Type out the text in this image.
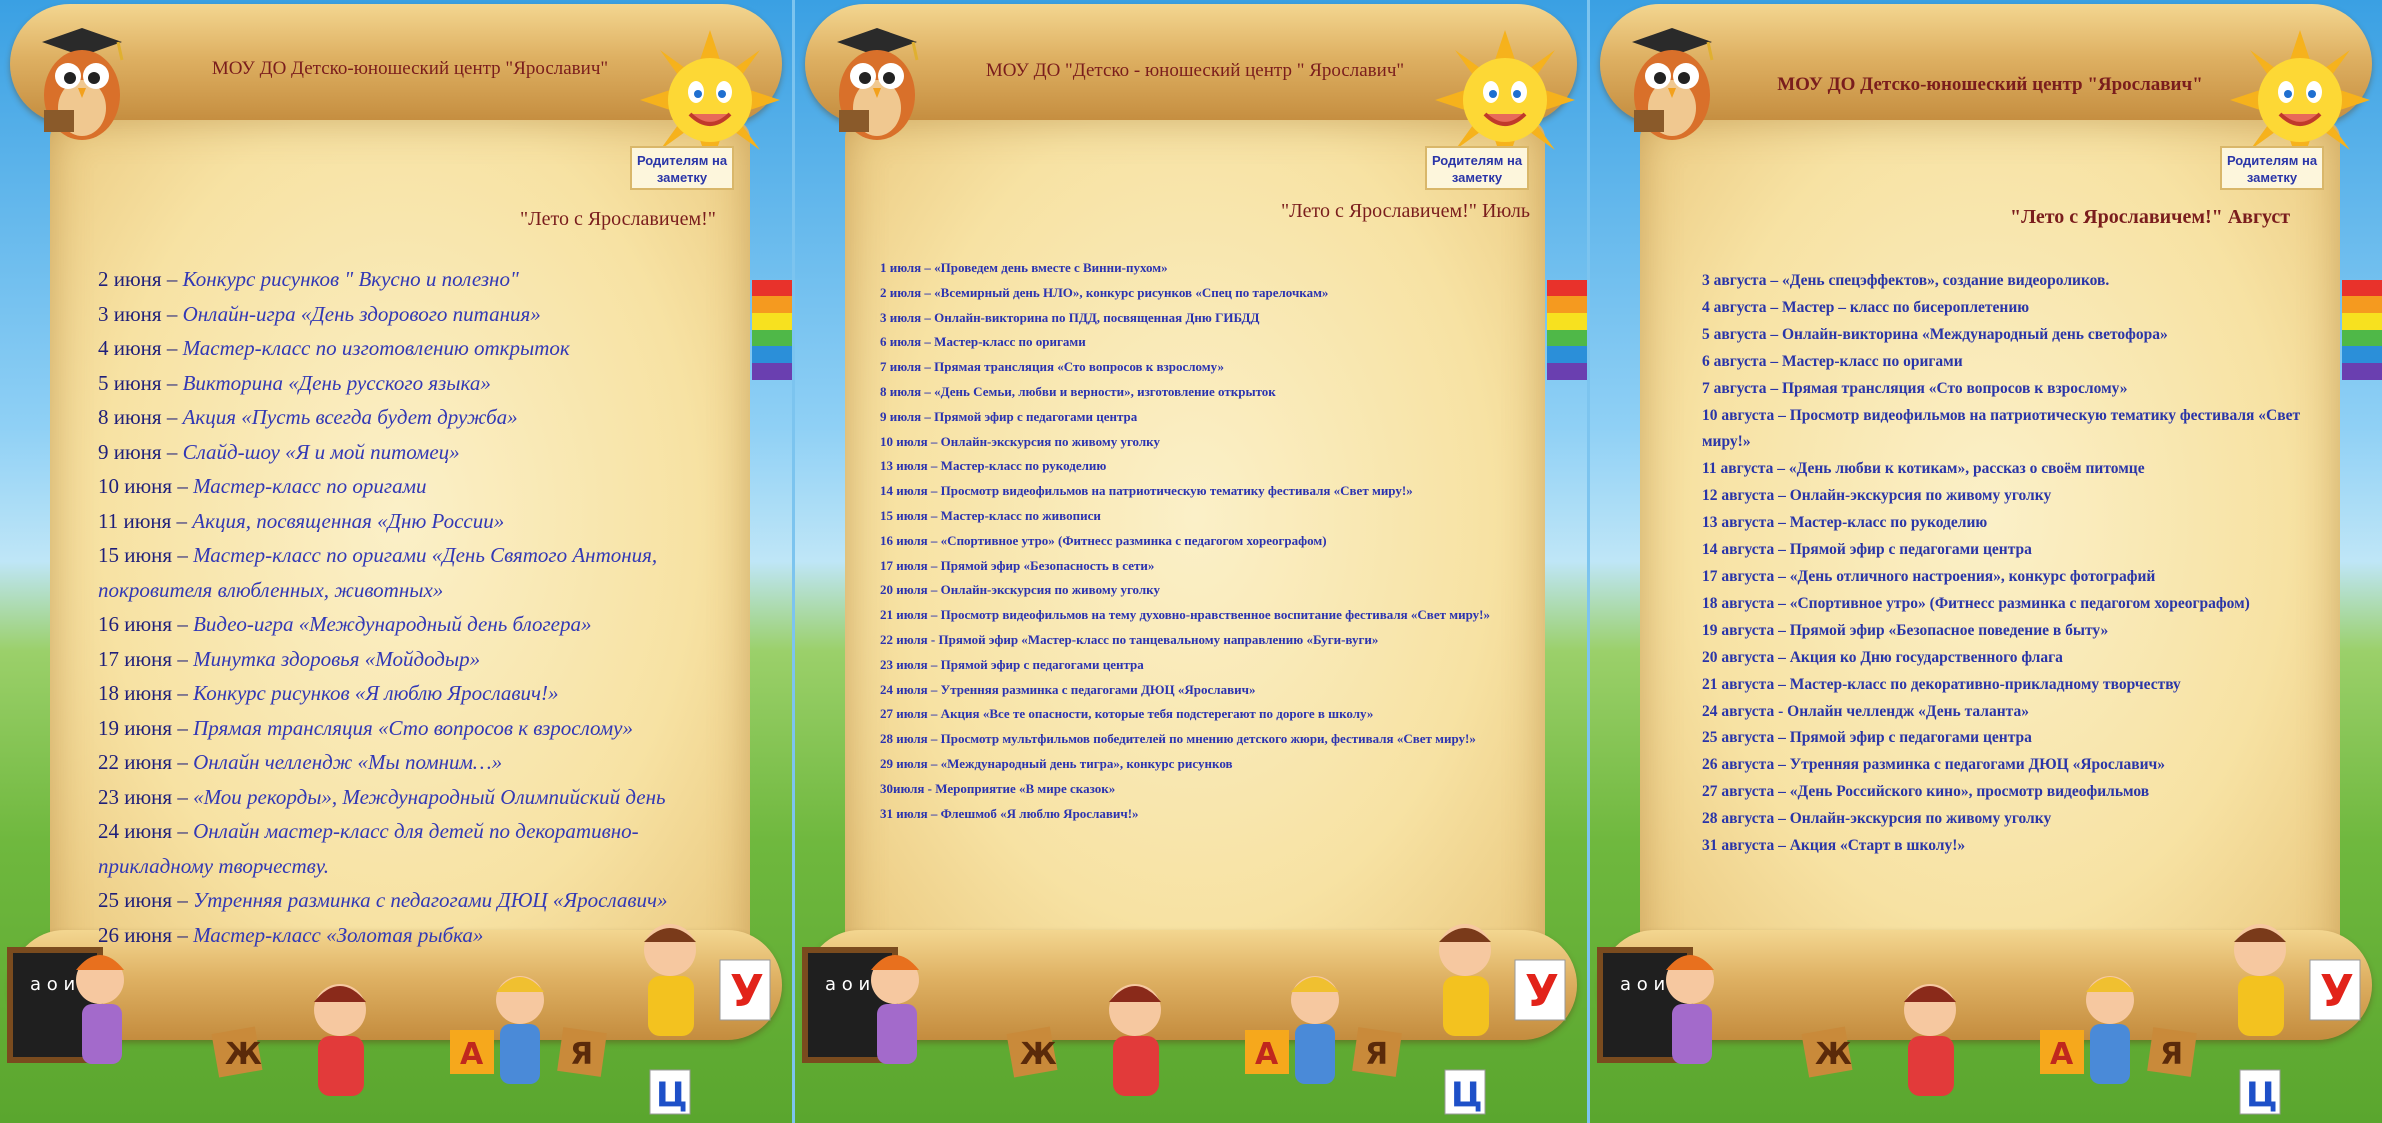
МОУ ДО Детско-юношеский центр "Ярославич"
Родителям на заметку
"Лето с Ярославичем!"
2 июня – Конкурс рисунков " Вкусно и полезно"
3 июня – Онлайн-игра «День здорового питания»
4 июня – Мастер-класс по изготовлению открыток
5 июня – Викторина «День русского языка»
8 июня – Акция «Пусть всегда будет дружба»
9 июня – Слайд-шоу «Я и мой питомец»
10 июня – Мастер-класс по оригами
11 июня – Акция, посвященная «Дню России»
15 июня – Мастер-класс по оригами «День Святого Антония, покровителя влюбленных, животных»
16 июня – Видео-игра «Международный день блогера»
17 июня – Минутка здоровья «Мойдодыр»
18 июня – Конкурс рисунков «Я люблю Ярославич!»
19 июня – Прямая трансляция «Сто вопросов к взрослому»
22 июня – Онлайн челлендж «Мы помним…»
23 июня – «Мои рекорды», Международный Олимпийский день
24 июня – Онлайн мастер-класс для детей по декоративно-прикладному творчеству.
25 июня – Утренняя разминка с педагогами ДЮЦ «Ярославич»
26 июня – Мастер-класс «Золотая рыбка»
а о и
Ж	А	Я
У
Ц
МОУ ДО "Детско - юношеский центр " Ярославич"
Родителям на заметку
"Лето с Ярославичем!" Июль
1 июля – «Проведем день вместе с Винни-пухом»
2 июля – «Всемирный день НЛО», конкурс рисунков «Спец по тарелочкам»
3 июля – Онлайн-викторина по ПДД, посвященная Дню ГИБДД
6 июля – Мастер-класс по оригами
7 июля – Прямая трансляция «Сто вопросов к взрослому»
8 июля – «День Семьи, любви и верности», изготовление открыток
9 июля – Прямой эфир с педагогами центра
10 июля – Онлайн-экскурсия по живому уголку
13 июля – Мастер-класс по рукоделию
14 июля – Просмотр видеофильмов на патриотическую тематику фестиваля «Свет миру!»
15 июля – Мастер-класс по живописи
16 июля – «Спортивное утро» (Фитнесс разминка с педагогом хореографом)
17 июля – Прямой эфир «Безопасность в сети»
20 июля – Онлайн-экскурсия по живому уголку
21 июля – Просмотр видеофильмов на тему духовно-нравственное воспитание фестиваля «Свет миру!»
22 июля - Прямой эфир «Мастер-класс по танцевальному направлению «Буги-вуги»
23 июля – Прямой эфир с педагогами центра
24 июля – Утренняя разминка с педагогами ДЮЦ «Ярославич»
27 июля – Акция «Все те опасности, которые тебя подстерегают по дороге в школу»
28 июля – Просмотр мультфильмов победителей по мнению детского жюри, фестиваля «Свет миру!»
29 июля – «Международный день тигра», конкурс рисунков
30июля - Мероприятие «В мире сказок»
31 июля – Флешмоб «Я люблю Ярославич!»
а о и
Ж	А	Я
У
Ц
МОУ ДО Детско-юношеский центр "Ярославич"
Родителям на заметку
"Лето с Ярославичем!" Август
3 августа – «День спецэффектов», создание видеороликов.
4 августа – Мастер – класс по бисероплетению
5 августа – Онлайн-викторина «Международный день светофора»
6 августа – Мастер-класс по оригами
7 августа – Прямая трансляция «Сто вопросов к взрослому»
10 августа – Просмотр видеофильмов на патриотическую тематику фестиваля «Свет миру!»
11 августа – «День любви к котикам», рассказ о своём питомце
12 августа – Онлайн-экскурсия по живому уголку
13 августа – Мастер-класс по рукоделию
14 августа – Прямой эфир с педагогами центра
17 августа – «День отличного настроения», конкурс фотографий
18 августа – «Спортивное утро» (Фитнесс разминка с педагогом хореографом)
19 августа – Прямой эфир «Безопасное поведение в быту»
20 августа – Акция ко Дню государственного флага
21 августа – Мастер-класс по декоративно-прикладному творчеству
24 августа - Онлайн челлендж «День таланта»
25 августа – Прямой эфир с педагогами центра
26 августа – Утренняя разминка с педагогами ДЮЦ «Ярославич»
27 августа – «День Российского кино», просмотр видеофильмов
28 августа – Онлайн-экскурсия по живому уголку
31 августа – Акция «Старт в школу!»
а о и
Ж	А	Я
У
Ц
